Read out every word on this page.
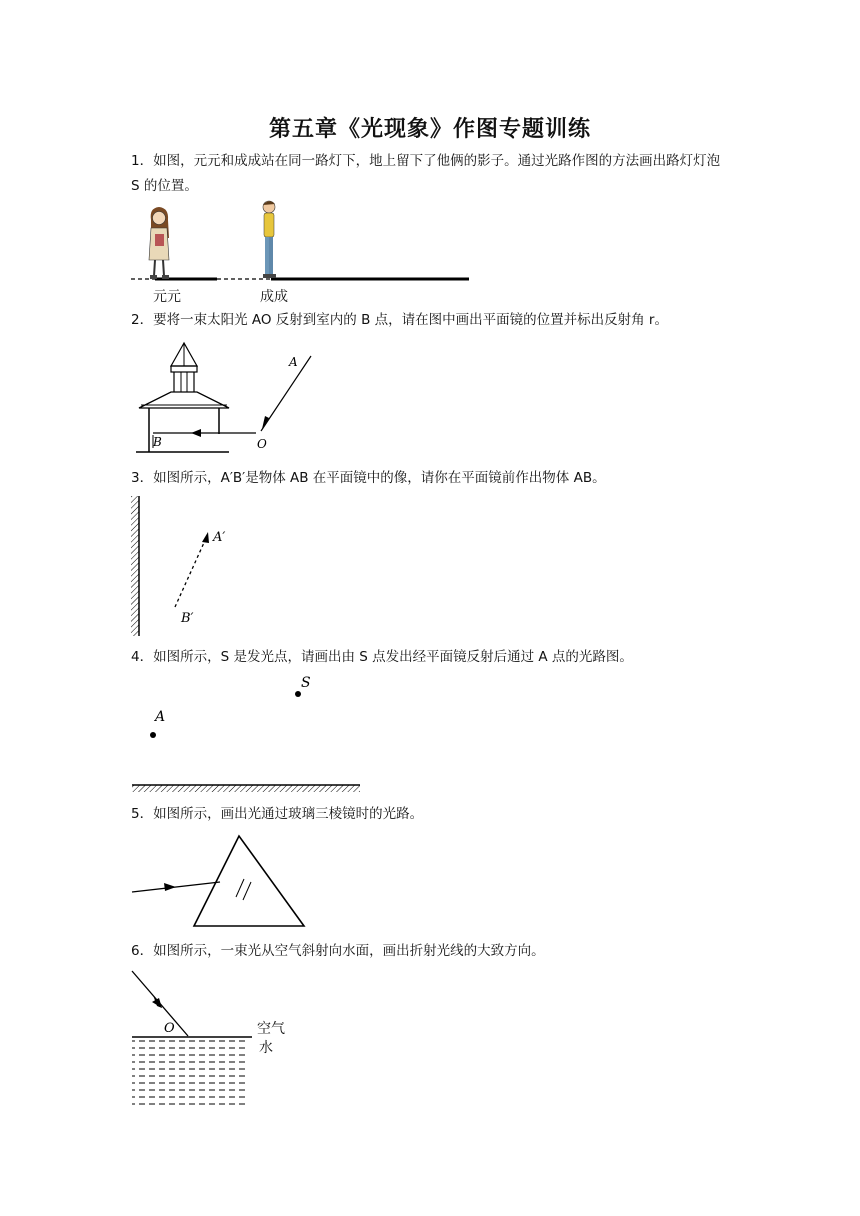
第五章《光现象》作图专题训练
1．如图，元元和成成站在同一路灯下，地上留下了他俩的影子。通过光路作图的方法画出路灯灯泡 S 的位置。
元元	成成
2．要将一束太阳光 AO 反射到室内的 B 点，请在图中画出平面镜的位置并标出反射角 r。
A
B	O
3．如图所示，A′B′是物体 AB 在平面镜中的像，请你在平面镜前作出物体 AB。
A′
B′
4．如图所示，S 是发光点，请画出由 S 点发出经平面镜反射后通过 A 点的光路图。
S
A
5．如图所示，画出光通过玻璃三棱镜时的光路。
6．如图所示，一束光从空气斜射向水面，画出折射光线的大致方向。
O	空气
水
